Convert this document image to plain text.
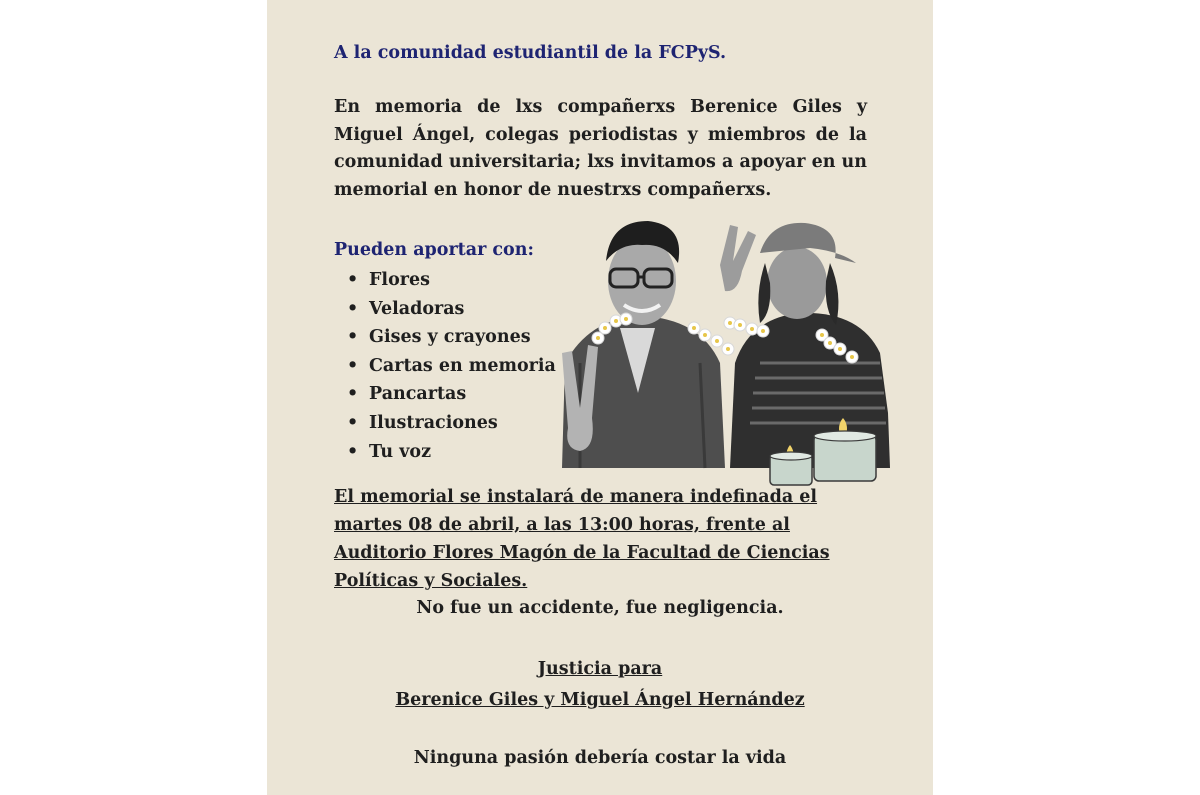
A la comunidad estudiantil de la FCPyS.

En memoria de lxs compañerxs Berenice Giles y Miguel Ángel, colegas periodistas y miembros de la comunidad universitaria; lxs invitamos a apoyar en un memorial en honor de nuestrxs compañerxs.

Pueden aportar con:
• Flores
• Veladoras
• Gises y crayones
• Cartas en memoria
• Pancartas
• Ilustraciones
• Tu voz
El memorial se instalará de manera indefinada el martes 08 de abril, a las 13:00 horas, frente al Auditorio Flores Magón de la Facultad de Ciencias Políticas y Sociales.
No fue un accidente, fue negligencia.
Justicia para
Berenice Giles y Miguel Ángel Hernández
Ninguna pasión debería costar la vida
